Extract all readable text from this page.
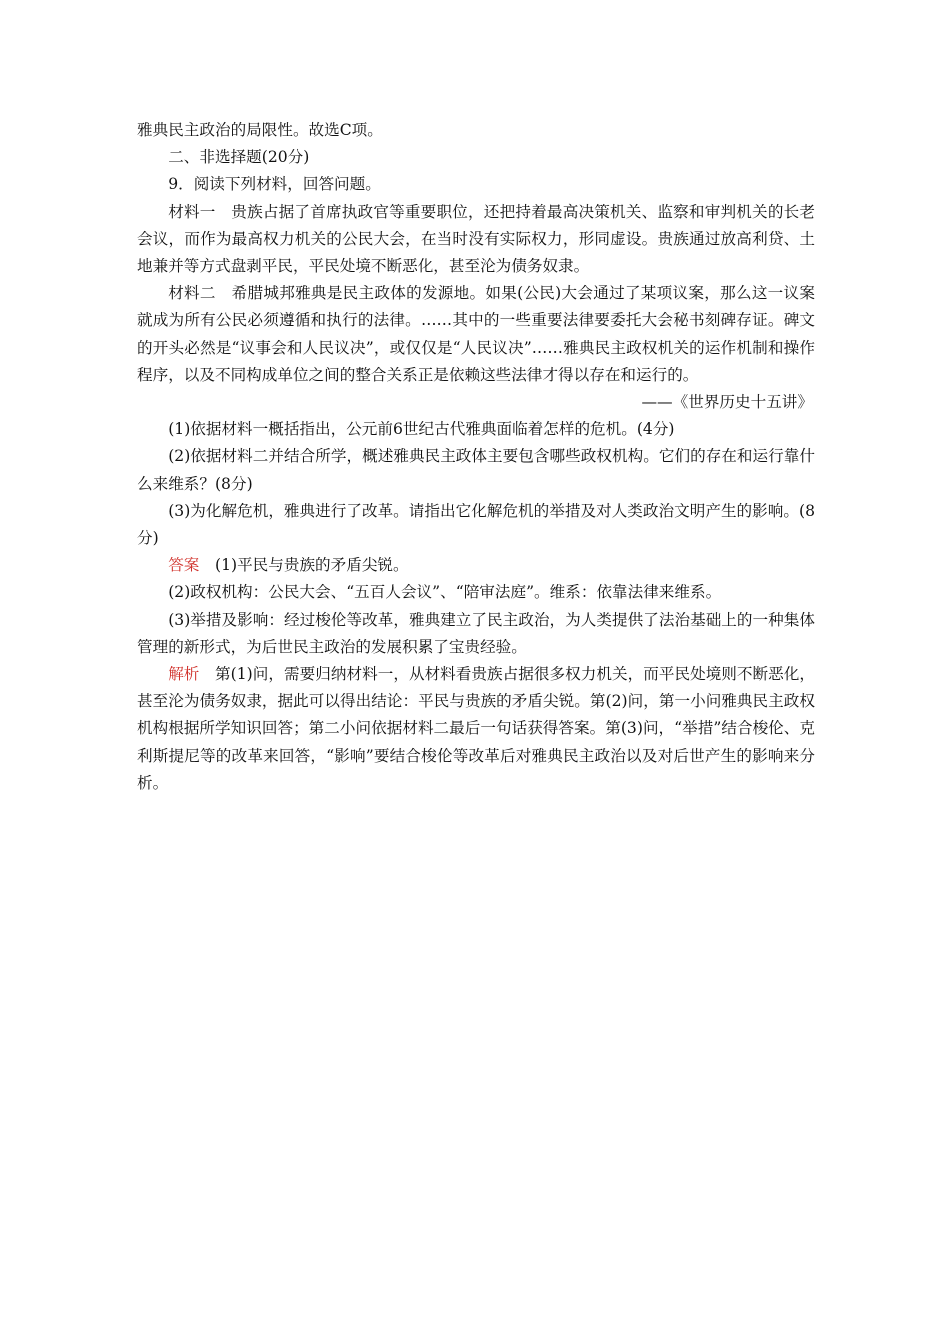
雅典民主政治的局限性。故选C项。

二、非选择题(20分)

9．阅读下列材料，回答问题。

材料一　贵族占据了首席执政官等重要职位，还把持着最高决策机关、监察和审判机关的长老会议，而作为最高权力机关的公民大会，在当时没有实际权力，形同虚设。贵族通过放高利贷、土地兼并等方式盘剥平民，平民处境不断恶化，甚至沦为债务奴隶。

材料二　希腊城邦雅典是民主政体的发源地。如果(公民)大会通过了某项议案，那么这一议案就成为所有公民必须遵循和执行的法律。……其中的一些重要法律要委托大会秘书刻碑存证。碑文的开头必然是“议事会和人民议决”，或仅仅是“人民议决”……雅典民主政权机关的运作机制和操作程序，以及不同构成单位之间的整合关系正是依赖这些法律才得以存在和运行的。

——《世界历史十五讲》

(1)依据材料一概括指出，公元前6世纪古代雅典面临着怎样的危机。(4分)

(2)依据材料二并结合所学，概述雅典民主政体主要包含哪些政权机构。它们的存在和运行靠什么来维系？(8分)

(3)为化解危机，雅典进行了改革。请指出它化解危机的举措及对人类政治文明产生的影响。(8分)

答案 (1)平民与贵族的矛盾尖锐。

(2)政权机构：公民大会、“五百人会议”、“陪审法庭”。维系：依靠法律来维系。

(3)举措及影响：经过梭伦等改革，雅典建立了民主政治，为人类提供了法治基础上的一种集体管理的新形式，为后世民主政治的发展积累了宝贵经验。

解析 第(1)问，需要归纳材料一，从材料看贵族占据很多权力机关，而平民处境则不断恶化，甚至沦为债务奴隶，据此可以得出结论：平民与贵族的矛盾尖锐。第(2)问，第一小问雅典民主政权机构根据所学知识回答；第二小问依据材料二最后一句话获得答案。第(3)问，“举措”结合梭伦、克利斯提尼等的改革来回答，“影响”要结合梭伦等改革后对雅典民主政治以及对后世产生的影响来分析。
